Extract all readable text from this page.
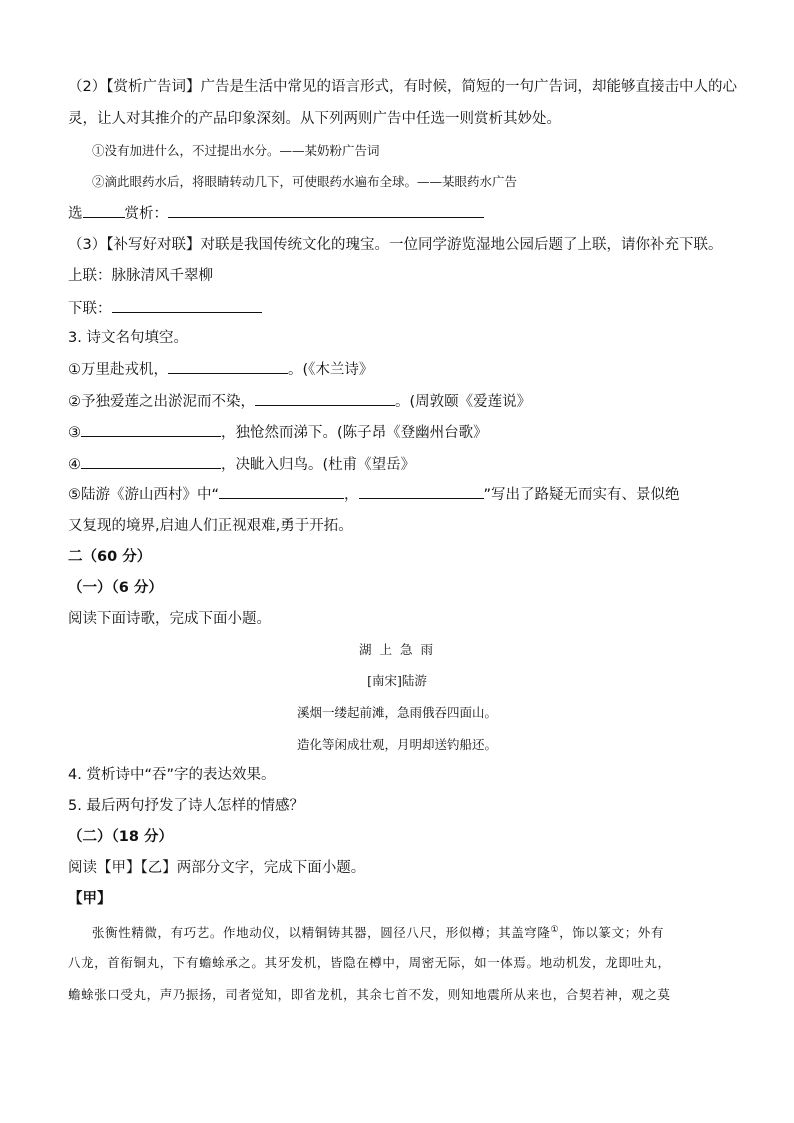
（2）【赏析广告词】广告是生活中常见的语言形式，有时候，简短的一句广告词，却能够直接击中人的心
灵，让人对其推介的产品印象深刻。从下列两则广告中任选一则赏析其妙处。
①没有加进什么，不过提出水分。——某奶粉广告词
②滴此眼药水后，将眼睛转动几下，可使眼药水遍布全球。——某眼药水广告
选	赏析：
（3）【补写好对联】对联是我国传统文化的瑰宝。一位同学游览湿地公园后题了上联，请你补充下联。
上联：脉脉清风千翠柳
下联：
3. 诗文名句填空。
①万里赴戎机，	。(《木兰诗》
②予独爱莲之出淤泥而不染，	。(周敦颐《爱莲说》
③	，独怆然而涕下。(陈子昂《登幽州台歌》
④	，决眦入归鸟。(杜甫《望岳》
⑤陆游《游山西村》中“	，	”写出了路疑无而实有、景似绝
又复现的境界,启迪人们正视艰难,勇于开拓。
二（60 分）
（一）（6 分）
阅读下面诗歌，完成下面小题。
湖 上 急 雨
[南宋]陆游
溪烟一缕起前滩，急雨俄吞四面山。
造化等闲成壮观，月明却送钓船还。
4. 赏析诗中“吞”字的表达效果。
5. 最后两句抒发了诗人怎样的情感？
（二）（18 分）
阅读【甲】【乙】两部分文字，完成下面小题。
【甲】
张衡性精微，有巧艺。作地动仪，以精铜铸其器，圆径八尺，形似樽；其盖穹隆①，饰以篆文；外有
八龙，首衔铜丸，下有蟾蜍承之。其牙发机，皆隐在樽中，周密无际，如一体焉。地动机发，龙即吐丸，
蟾蜍张口受丸，声乃振扬，司者觉知，即省龙机，其余七首不发，则知地震所从来也，合契若神，观之莫
